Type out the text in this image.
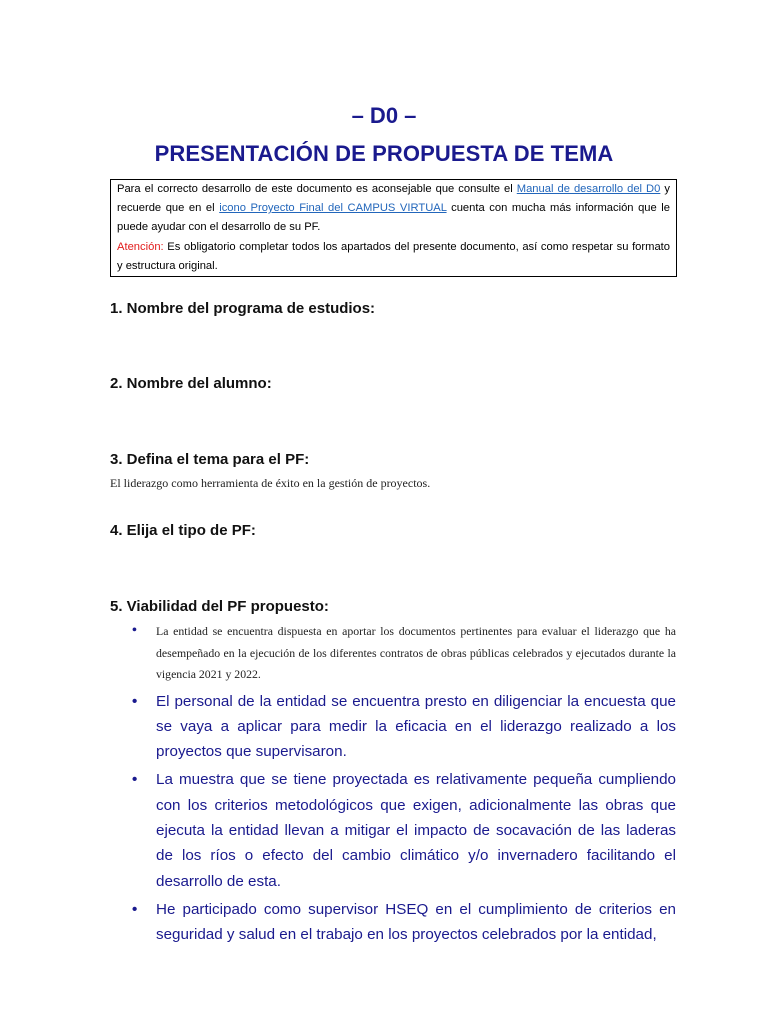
– D0 –
PRESENTACIÓN DE PROPUESTA DE TEMA

Para el correcto desarrollo de este documento es aconsejable que consulte el Manual de desarrollo del D0 y recuerde que en el icono Proyecto Final del CAMPUS VIRTUAL cuenta con mucha más información que le puede ayudar con el desarrollo de su PF.

Atención: Es obligatorio completar todos los apartados del presente documento, así como respetar su formato y estructura original.

1. Nombre del programa de estudios:
2. Nombre del alumno:
3. Defina el tema para el PF:
El liderazgo como herramienta de éxito en la gestión de proyectos.
4. Elija el tipo de PF:
5. Viabilidad del PF propuesto:
• La entidad se encuentra dispuesta en aportar los documentos pertinentes para evaluar el liderazgo que ha desempeñado en la ejecución de los diferentes contratos de obras públicas celebrados y ejecutados durante la vigencia 2021 y 2022.
• El personal de la entidad se encuentra presto en diligenciar la encuesta que se vaya a aplicar para medir la eficacia en el liderazgo realizado a los proyectos que supervisaron.
• La muestra que se tiene proyectada es relativamente pequeña cumpliendo con los criterios metodológicos que exigen, adicionalmente las obras que ejecuta la entidad llevan a mitigar el impacto de socavación de las laderas de los ríos o efecto del cambio climático y/o invernadero facilitando el desarrollo de esta.
• He participado como supervisor HSEQ en el cumplimiento de criterios en seguridad y salud en el trabajo en los proyectos celebrados por la entidad,
